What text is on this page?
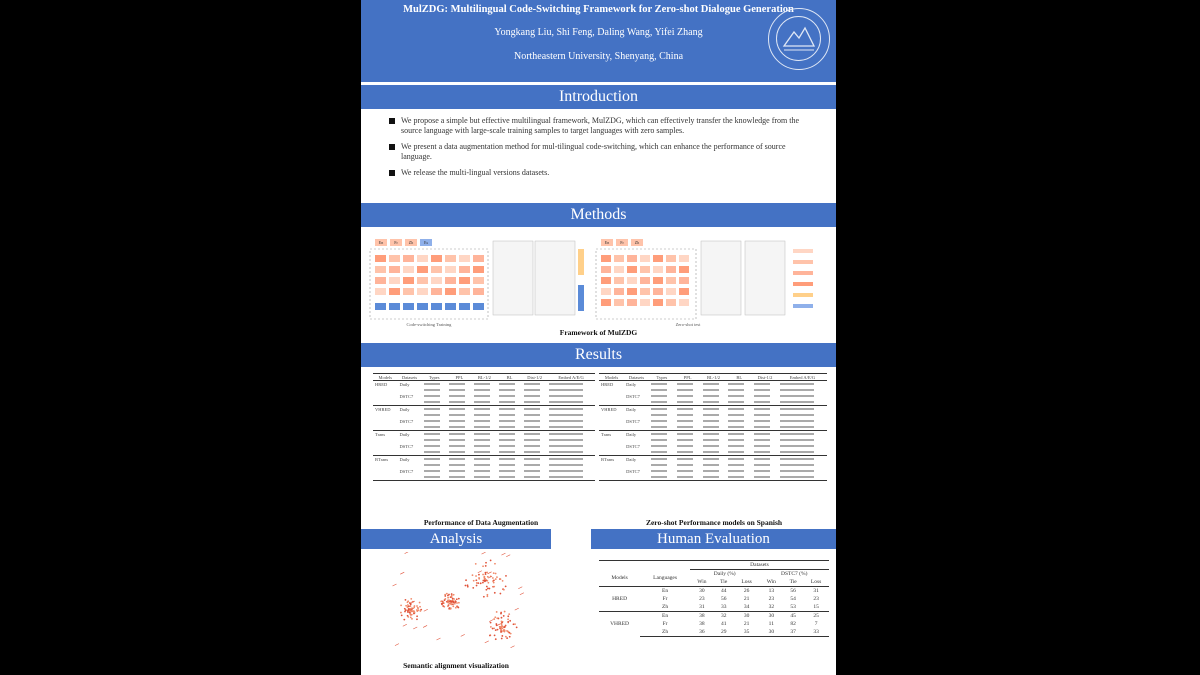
MulZDG: Multilingual Code-Switching Framework for Zero-shot Dialogue Generation
Yongkang Liu, Shi Feng, Daling Wang, Yifei Zhang
Northeastern University, Shenyang, China
Introduction
We propose a simple but effective multilingual framework, MulZDG, which can effectively transfer the knowledge from the source language with large-scale training samples to target languages with zero samples.
We present a data augmentation method for mul-tilingual code-switching, which can enhance the performance of source language.
We release the multi-lingual versions datasets.
Methods
En	Fr	Zh	Es
Code-switching Training
En	Fr	Zh
Zero-shot test
Framework of MulZDG
Results
Models	Datasets	Types	PPL	BL-1/2	BL	Dist-1/2	Embed A/E/G
HRED	Daily						

	DSTC7						

VHRED	Daily						

	DSTC7						

Trans	Daily						

	DSTC7						

BTrans	Daily						

	DSTC7						

Models	Datasets	Types	PPL	BL-1/2	BL	Dist-1/2	Embed A/E/G
HRED	Daily						

	DSTC7						

VHRED	Daily						

	DSTC7						

Trans	Daily						

	DSTC7						

BTrans	Daily						

	DSTC7						

Performance of Data Augmentation	Zero-shot Performance models on Spanish
Analysis	Human Evaluation
Semantic alignment visualization
		Datasets					
Models	Languages	Daily (%)			DSTC7 (%)		
		Win	Tie	Loss	Win	Tie	Loss
HRED	En	30	44	26	13	56	31
	Fr	23	56	21	23	54	23
	Zh	31	33	34	32	53	15
VHRED	En	38	32	30	30	45	25
	Fr	38	41	21	11	82	7
	Zh	36	29	35	30	37	33
